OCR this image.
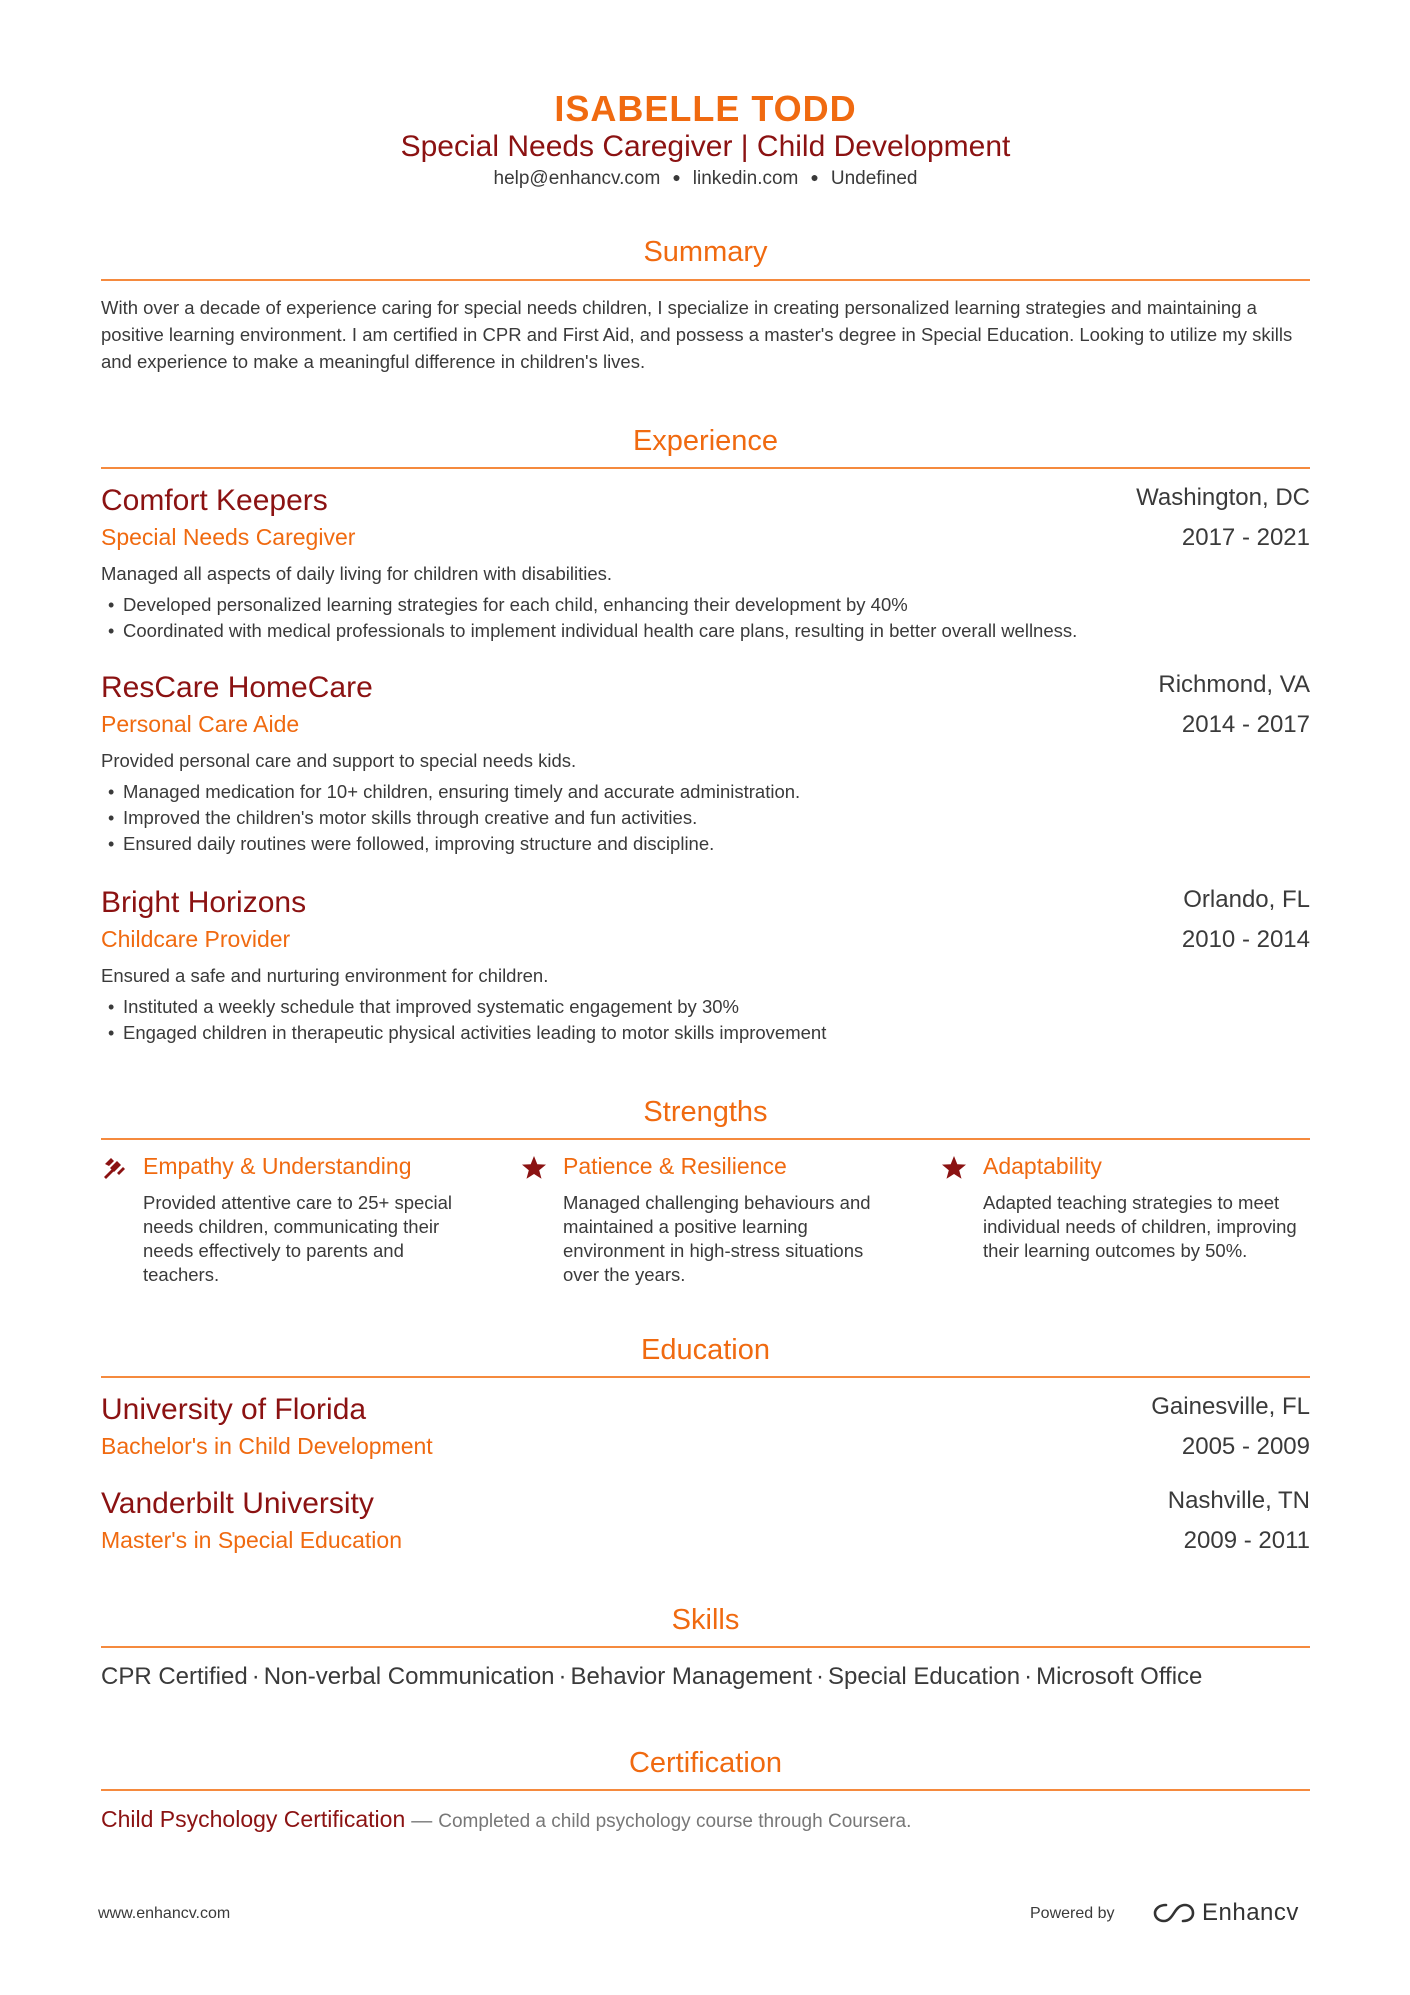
ISABELLE TODD
Special Needs Caregiver | Child Development
help@enhancv.com ● linkedin.com ● Undefined
Summary
With over a decade of experience caring for special needs children, I specialize in creating personalized learning strategies and maintaining a positive learning environment. I am certified in CPR and First Aid, and possess a master's degree in Special Education. Looking to utilize my skills and experience to make a meaningful difference in children's lives.
Experience
Comfort Keepers	Washington, DC
Special Needs Caregiver	2017 - 2021
Managed all aspects of daily living for children with disabilities.
• Developed personalized learning strategies for each child, enhancing their development by 40%
• Coordinated with medical professionals to implement individual health care plans, resulting in better overall wellness.
ResCare HomeCare	Richmond, VA
Personal Care Aide	2014 - 2017
Provided personal care and support to special needs kids.
• Managed medication for 10+ children, ensuring timely and accurate administration.
• Improved the children's motor skills through creative and fun activities.
• Ensured daily routines were followed, improving structure and discipline.
Bright Horizons	Orlando, FL
Childcare Provider	2010 - 2014
Ensured a safe and nurturing environment for children.
• Instituted a weekly schedule that improved systematic engagement by 30%
• Engaged children in therapeutic physical activities leading to motor skills improvement
Strengths
Empathy & Understanding
Provided attentive care to 25+ special needs children, communicating their needs effectively to parents and teachers.
Patience & Resilience
Managed challenging behaviours and maintained a positive learning environment in high-stress situations over the years.
Adaptability
Adapted teaching strategies to meet individual needs of children, improving their learning outcomes by 50%.
Education
University of Florida	Gainesville, FL
Bachelor's in Child Development	2005 - 2009
Vanderbilt University	Nashville, TN
Master's in Special Education	2009 - 2011
Skills
CPR Certified · Non-verbal Communication · Behavior Management · Special Education · Microsoft Office
Certification
Child Psychology Certification — Completed a child psychology course through Coursera.
www.enhancv.com	Powered by	Enhancv
